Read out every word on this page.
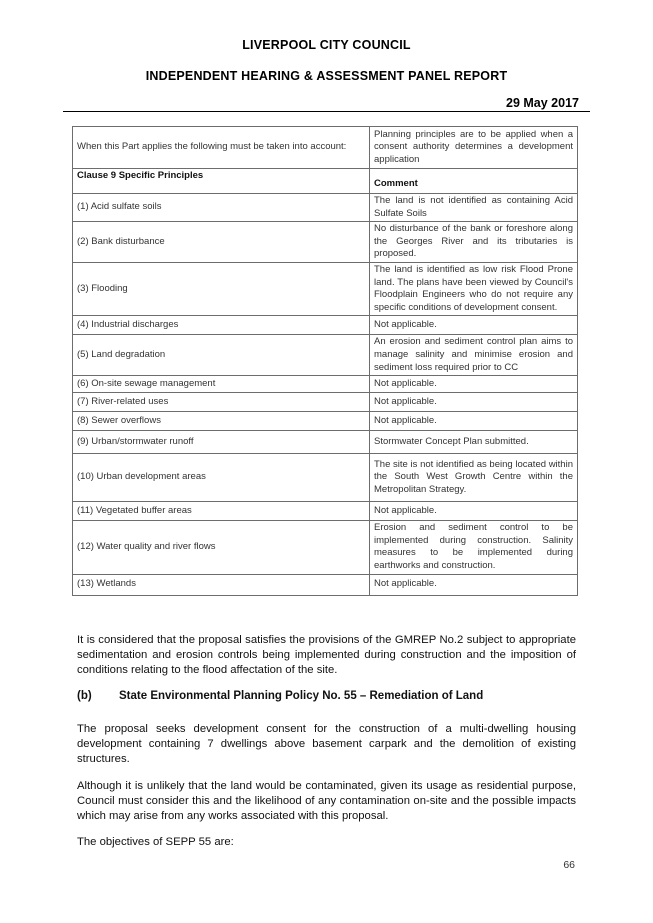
LIVERPOOL CITY COUNCIL
INDEPENDENT HEARING & ASSESSMENT PANEL REPORT
29 May 2017
When this Part applies the following must be taken into account:	Planning principles are to be applied when a consent authority determines a development application
Clause 9 Specific Principles	Comment
(1) Acid sulfate soils	The land is not identified as containing Acid Sulfate Soils
(2) Bank disturbance	No disturbance of the bank or foreshore along the Georges River and its tributaries is proposed.
(3) Flooding	The land is identified as low risk Flood Prone land. The plans have been viewed by Council's Floodplain Engineers who do not require any specific conditions of development consent.
(4) Industrial discharges	Not applicable.
(5) Land degradation	An erosion and sediment control plan aims to manage salinity and minimise erosion and sediment loss required prior to CC
(6) On-site sewage management	Not applicable.
(7) River-related uses	Not applicable.
(8) Sewer overflows	Not applicable.
(9) Urban/stormwater runoff	Stormwater Concept Plan submitted.
(10) Urban development areas	The site is not identified as being located within the South West Growth Centre within the Metropolitan Strategy.
(11) Vegetated buffer areas	Not applicable.
(12) Water quality and river flows	Erosion and sediment control to be implemented during construction. Salinity measures to be implemented during earthworks and construction.
(13) Wetlands	Not applicable.
It is considered that the proposal satisfies the provisions of the GMREP No.2 subject to appropriate sedimentation and erosion controls being implemented during construction and the imposition of conditions relating to the flood affectation of the site.
(b) State Environmental Planning Policy No. 55 – Remediation of Land
The proposal seeks development consent for the construction of a multi-dwelling housing development containing 7 dwellings above basement carpark and the demolition of existing structures.
Although it is unlikely that the land would be contaminated, given its usage as residential purpose, Council must consider this and the likelihood of any contamination on-site and the possible impacts which may arise from any works associated with this proposal.
The objectives of SEPP 55 are:
66
